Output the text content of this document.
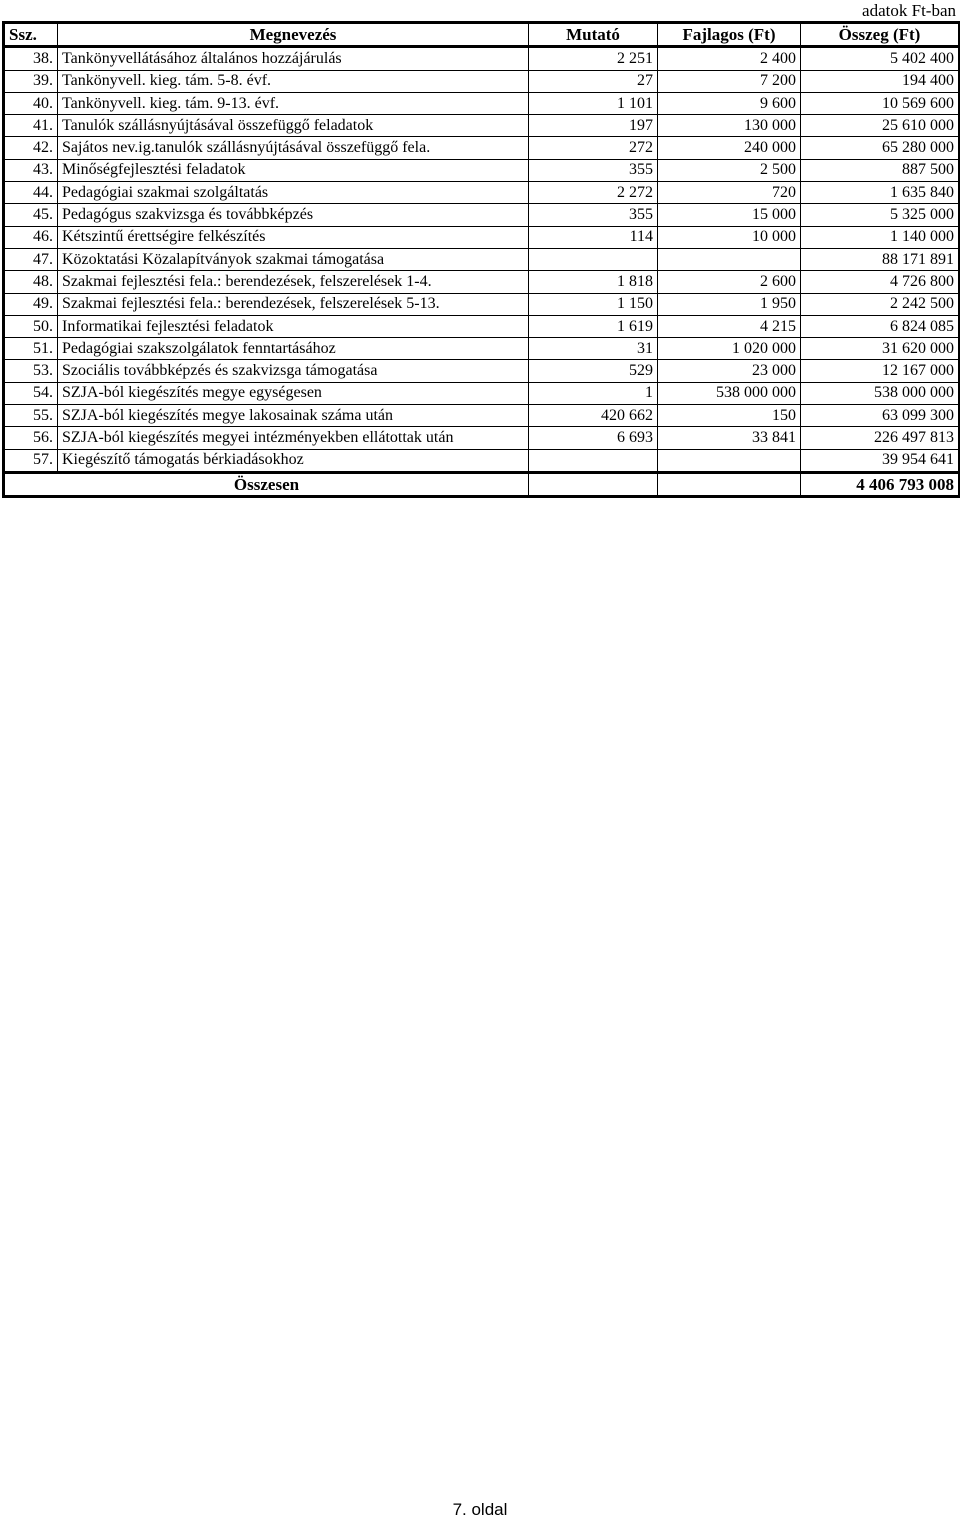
adatok Ft-ban
Ssz.	Megnevezés	Mutató	Fajlagos (Ft)	Összeg (Ft)
38.	Tankönyvellátásához általános hozzájárulás	2 251	2 400	5 402 400
39.	Tankönyvell. kieg. tám. 5-8. évf.	27	7 200	194 400
40.	Tankönyvell. kieg. tám. 9-13. évf.	1 101	9 600	10 569 600
41.	Tanulók szállásnyújtásával összefüggő feladatok	197	130 000	25 610 000
42.	Sajátos nev.ig.tanulók szállásnyújtásával összefüggő fela.	272	240 000	65 280 000
43.	Minőségfejlesztési feladatok	355	2 500	887 500
44.	Pedagógiai szakmai szolgáltatás	2 272	720	1 635 840
45.	Pedagógus szakvizsga és továbbképzés	355	15 000	5 325 000
46.	Kétszintű érettségire felkészítés	114	10 000	1 140 000
47.	Közoktatási Közalapítványok szakmai támogatása			88 171 891
48.	Szakmai fejlesztési fela.: berendezések, felszerelések 1-4.	1 818	2 600	4 726 800
49.	Szakmai fejlesztési fela.: berendezések, felszerelések 5-13.	1 150	1 950	2 242 500
50.	Informatikai fejlesztési feladatok	1 619	4 215	6 824 085
51.	Pedagógiai szakszolgálatok fenntartásához	31	1 020 000	31 620 000
53.	Szociális továbbképzés és szakvizsga támogatása	529	23 000	12 167 000
54.	SZJA-ból kiegészítés megye egységesen	1	538 000 000	538 000 000
55.	SZJA-ból kiegészítés megye lakosainak száma után	420 662	150	63 099 300
56.	SZJA-ból kiegészítés megyei intézményekben ellátottak után	6 693	33 841	226 497 813
57.	Kiegészítő támogatás bérkiadásokhoz			39 954 641
Összesen				4 406 793 008
7. oldal
